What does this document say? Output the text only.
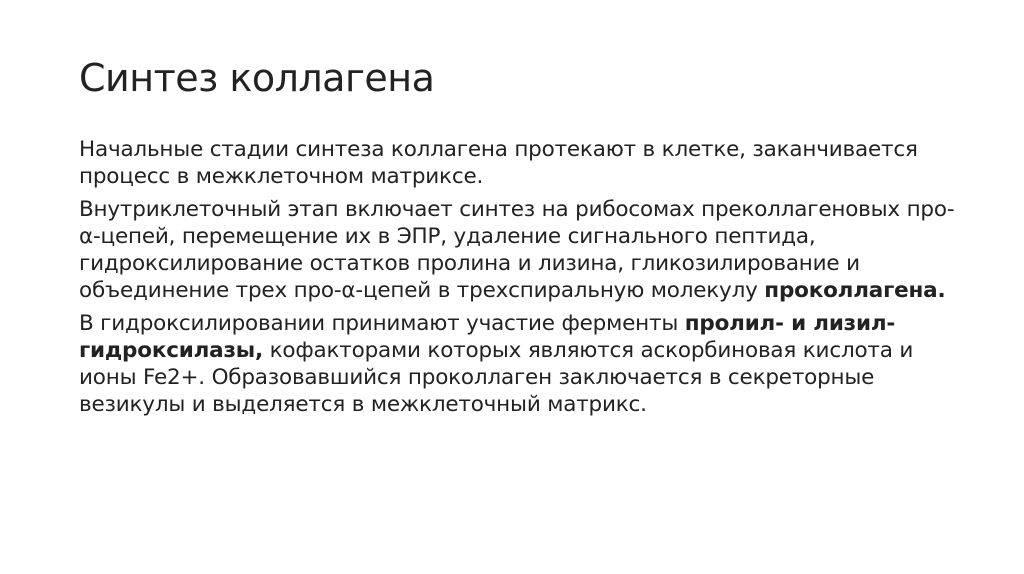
Синтез коллагена

Начальные стадии синтеза коллагена протекают в клетке, заканчивается процесс в межклеточном матриксе.

Внутриклеточный этап включает синтез на рибосомах преколлагеновых про-α-цепей, перемещение их в ЭПР, удаление сигнального пептида, гидроксилирование остатков пролина и лизина, гликозилирование и объединение трех про-α-цепей в трехспиральную молекулу проколлагена.

В гидроксилировании принимают участие ферменты пролил- и лизил- гидроксилазы, кофакторами которых являются аскорбиновая кислота и ионы Fe2+. Образовавшийся проколлаген заключается в секреторные везикулы и выделяется в межклеточный матрикс.
